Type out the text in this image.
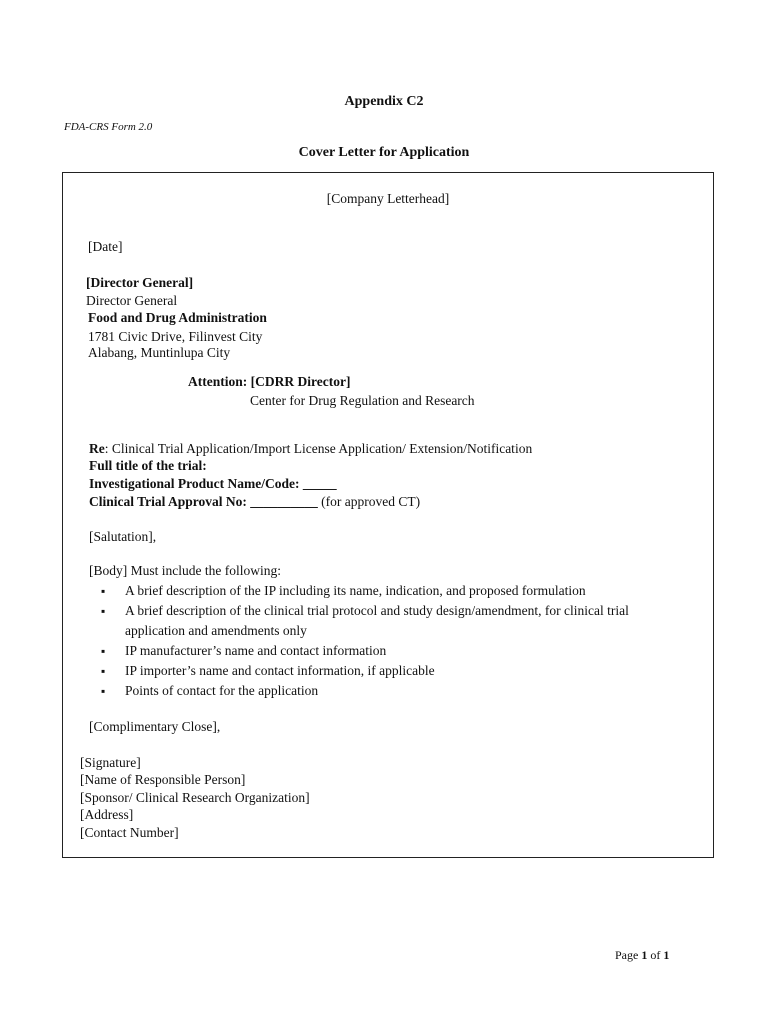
Appendix C2
FDA-CRS Form 2.0
Cover Letter for Application
[Company Letterhead]
[Date]
[Director General]
Director General
Food and Drug Administration
1781 Civic Drive, Filinvest City
Alabang, Muntinlupa City
Attention: [CDRR Director]
Center for Drug Regulation and Research
Re: Clinical Trial Application/Import License Application/ Extension/Notification
Full title of the trial:
Investigational Product Name/Code: _____
Clinical Trial Approval No: __________ (for approved CT)
[Salutation],
[Body] Must include the following:
▪ A brief description of the IP including its name, indication, and proposed formulation
▪ A brief description of the clinical trial protocol and study design/amendment, for clinical trial application and amendments only
▪ IP manufacturer’s name and contact information
▪ IP importer’s name and contact information, if applicable
▪ Points of contact for the application
[Complimentary Close],
[Signature]
[Name of Responsible Person]
[Sponsor/ Clinical Research Organization]
[Address]
[Contact Number]
Page 1 of 1
